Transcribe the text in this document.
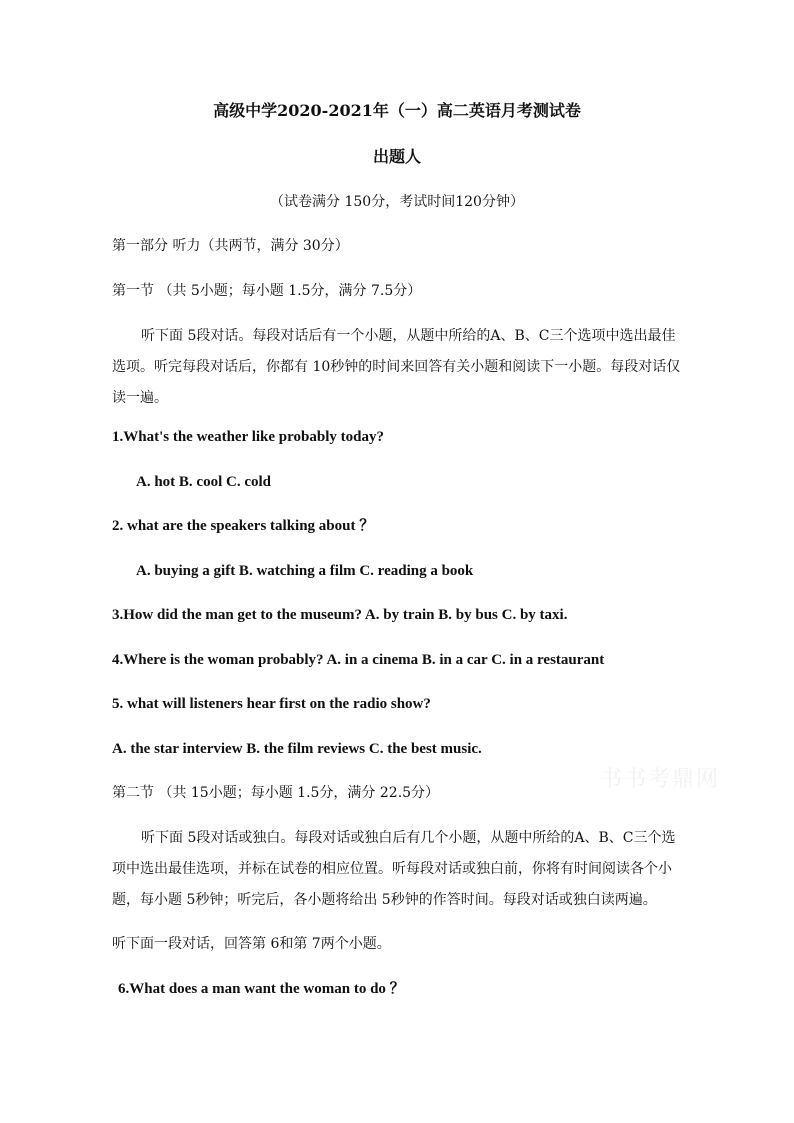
高级中学2020-2021年（一）高二英语月考测试卷
出题人
（试卷满分 150分，考试时间120分钟）
第一部分 听力（共两节，满分 30分）
第一节 （共 5小题；每小题 1.5分，满分 7.5分）
听下面 5段对话。每段对话后有一个小题，从题中所给的A、B、C三个选项中选出最佳
选项。听完每段对话后，你都有 10秒钟的时间来回答有关小题和阅读下一小题。每段对话仅
读一遍。
1.What's the weather like probably today?
A. hot B. cool C. cold
2. what are the speakers talking about ？
A. buying a gift B. watching a film C. reading a book
3.How did the man get to the museum? A. by train B. by bus C. by taxi.
4.Where is the woman probably? A. in a cinema B. in a car C. in a restaurant
5. what will listeners hear first on the radio show?
A. the star interview B. the film reviews C. the best music.
书书考鼎网
第二节 （共 15小题；每小题 1.5分，满分 22.5分）
听下面 5段对话或独白。每段对话或独白后有几个小题，从题中所给的A、B、C三个选
项中选出最佳选项，并标在试卷的相应位置。听每段对话或独白前，你将有时间阅读各个小
题，每小题 5秒钟；听完后，各小题将给出 5秒钟的作答时间。每段对话或独白读两遍。
听下面一段对话，回答第 6和第 7两个小题。
6.What does a man want the woman to do ？
